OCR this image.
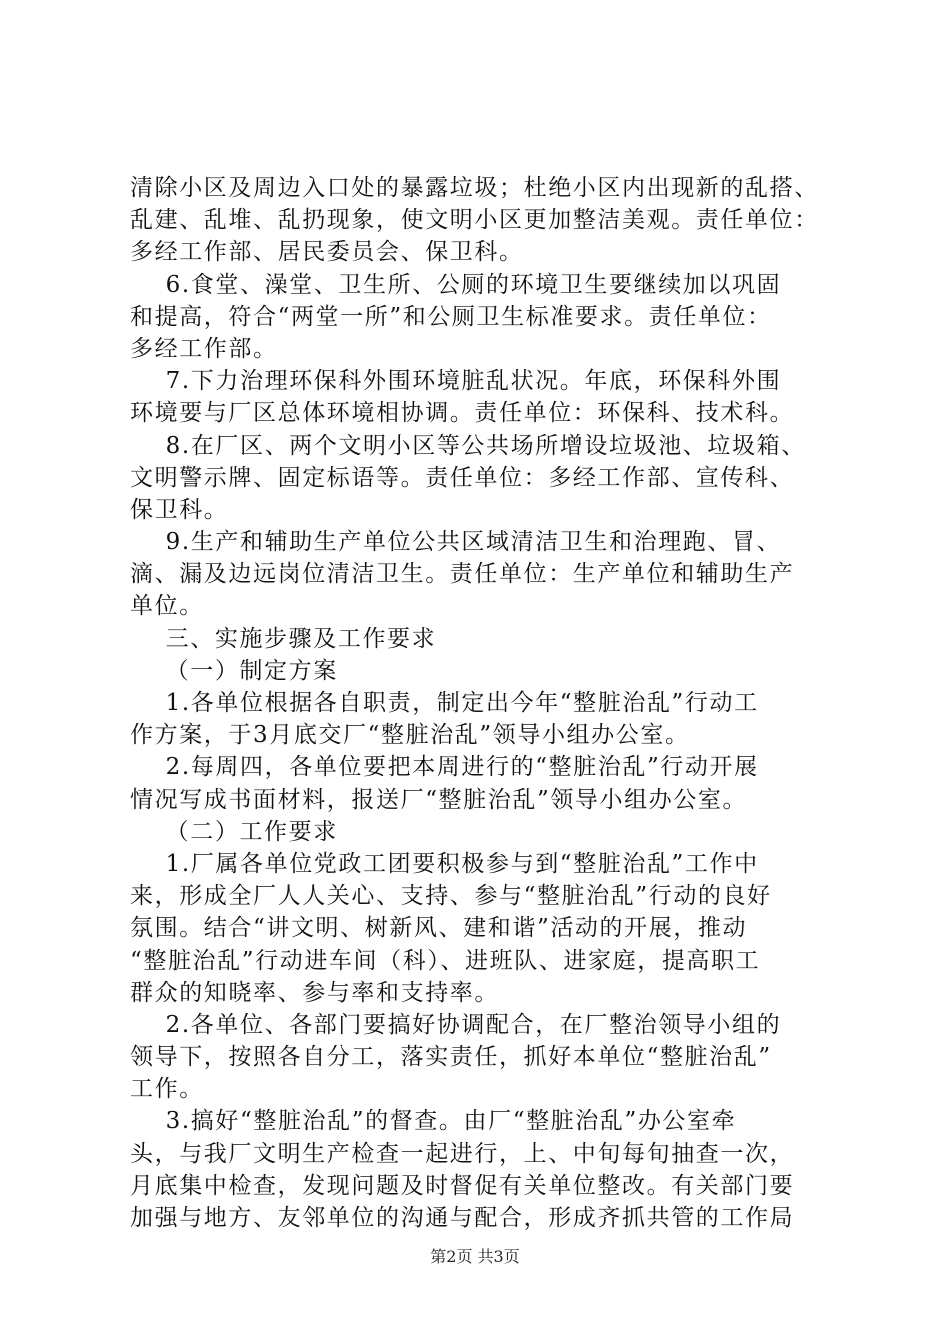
清除小区及周边入口处的暴露垃圾；杜绝小区内出现新的乱搭、
乱建、乱堆、乱扔现象，使文明小区更加整洁美观。责任单位：
多经工作部、居民委员会、保卫科。
6.食堂、澡堂、卫生所、公厕的环境卫生要继续加以巩固
和提高，符合“两堂一所”和公厕卫生标准要求。责任单位：
多经工作部。
7.下力治理环保科外围环境脏乱状况。年底，环保科外围
环境要与厂区总体环境相协调。责任单位：环保科、技术科。
8.在厂区、两个文明小区等公共场所增设垃圾池、垃圾箱、
文明警示牌、固定标语等。责任单位：多经工作部、宣传科、
保卫科。
9.生产和辅助生产单位公共区域清洁卫生和治理跑、冒、
滴、漏及边远岗位清洁卫生。责任单位：生产单位和辅助生产
单位。
三、实施步骤及工作要求
（一）制定方案
1.各单位根据各自职责，制定出今年“整脏治乱”行动工
作方案，于3月底交厂“整脏治乱”领导小组办公室。
2.每周四，各单位要把本周进行的“整脏治乱”行动开展
情况写成书面材料，报送厂“整脏治乱”领导小组办公室。
（二）工作要求
1.厂属各单位党政工团要积极参与到“整脏治乱”工作中
来，形成全厂人人关心、支持、参与“整脏治乱”行动的良好
氛围。结合“讲文明、树新风、建和谐”活动的开展，推动
“整脏治乱”行动进车间（科）、进班队、进家庭，提高职工
群众的知晓率、参与率和支持率。
2.各单位、各部门要搞好协调配合，在厂整治领导小组的
领导下，按照各自分工，落实责任，抓好本单位“整脏治乱”
工作。
3.搞好“整脏治乱”的督查。由厂“整脏治乱”办公室牵
头，与我厂文明生产检查一起进行，上、中旬每旬抽查一次，
月底集中检查，发现问题及时督促有关单位整改。有关部门要
加强与地方、友邻单位的沟通与配合，形成齐抓共管的工作局
第2页 共3页
